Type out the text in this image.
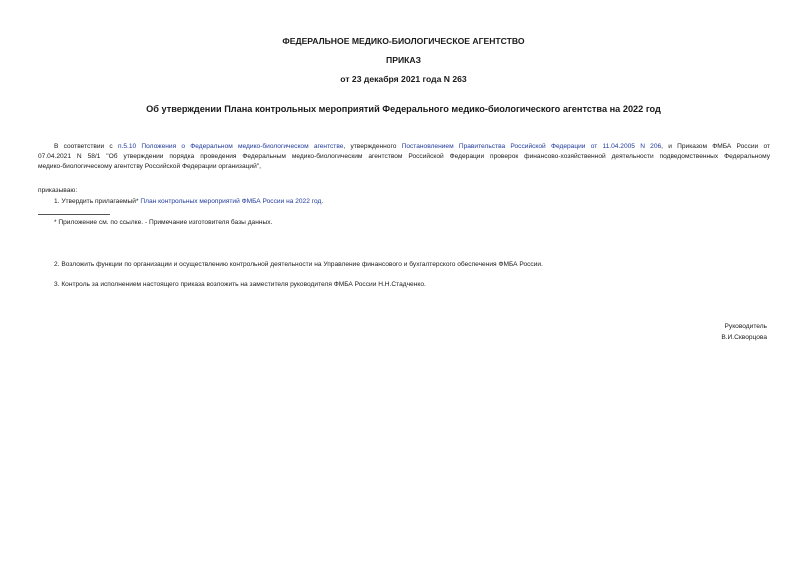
ФЕДЕРАЛЬНОЕ МЕДИКО-БИОЛОГИЧЕСКОЕ АГЕНТСТВО
ПРИКАЗ
от 23 декабря 2021 года N 263
Об утверждении Плана контрольных мероприятий Федерального медико-биологического агентства на 2022 год
В соответствии с п.5.10 Положения о Федеральном медико-биологическом агентстве, утвержденного Постановлением Правительства Российской Федерации от 11.04.2005 N 206, и Приказом ФМБА России от
07.04.2021 N 58/1 "Об утверждении порядка проведения Федеральным медико-биологическим агентством Российской Федерации проверок финансово-хозяйственной деятельности подведомственных Федеральному
медико-биологическому агентству Российской Федерации организаций",
приказываю:
1. Утвердить прилагаемый* План контрольных мероприятий ФМБА России на 2022 год.
* Приложение см. по ссылке. - Примечание изготовителя базы данных.
2. Возложить функции по организации и осуществлению контрольной деятельности на Управление финансового и бухгалтерского обеспечения ФМБА России.
3. Контроль за исполнением настоящего приказа возложить на заместителя руководителя ФМБА России Н.Н.Стадченко.
Руководитель
В.И.Скворцова
